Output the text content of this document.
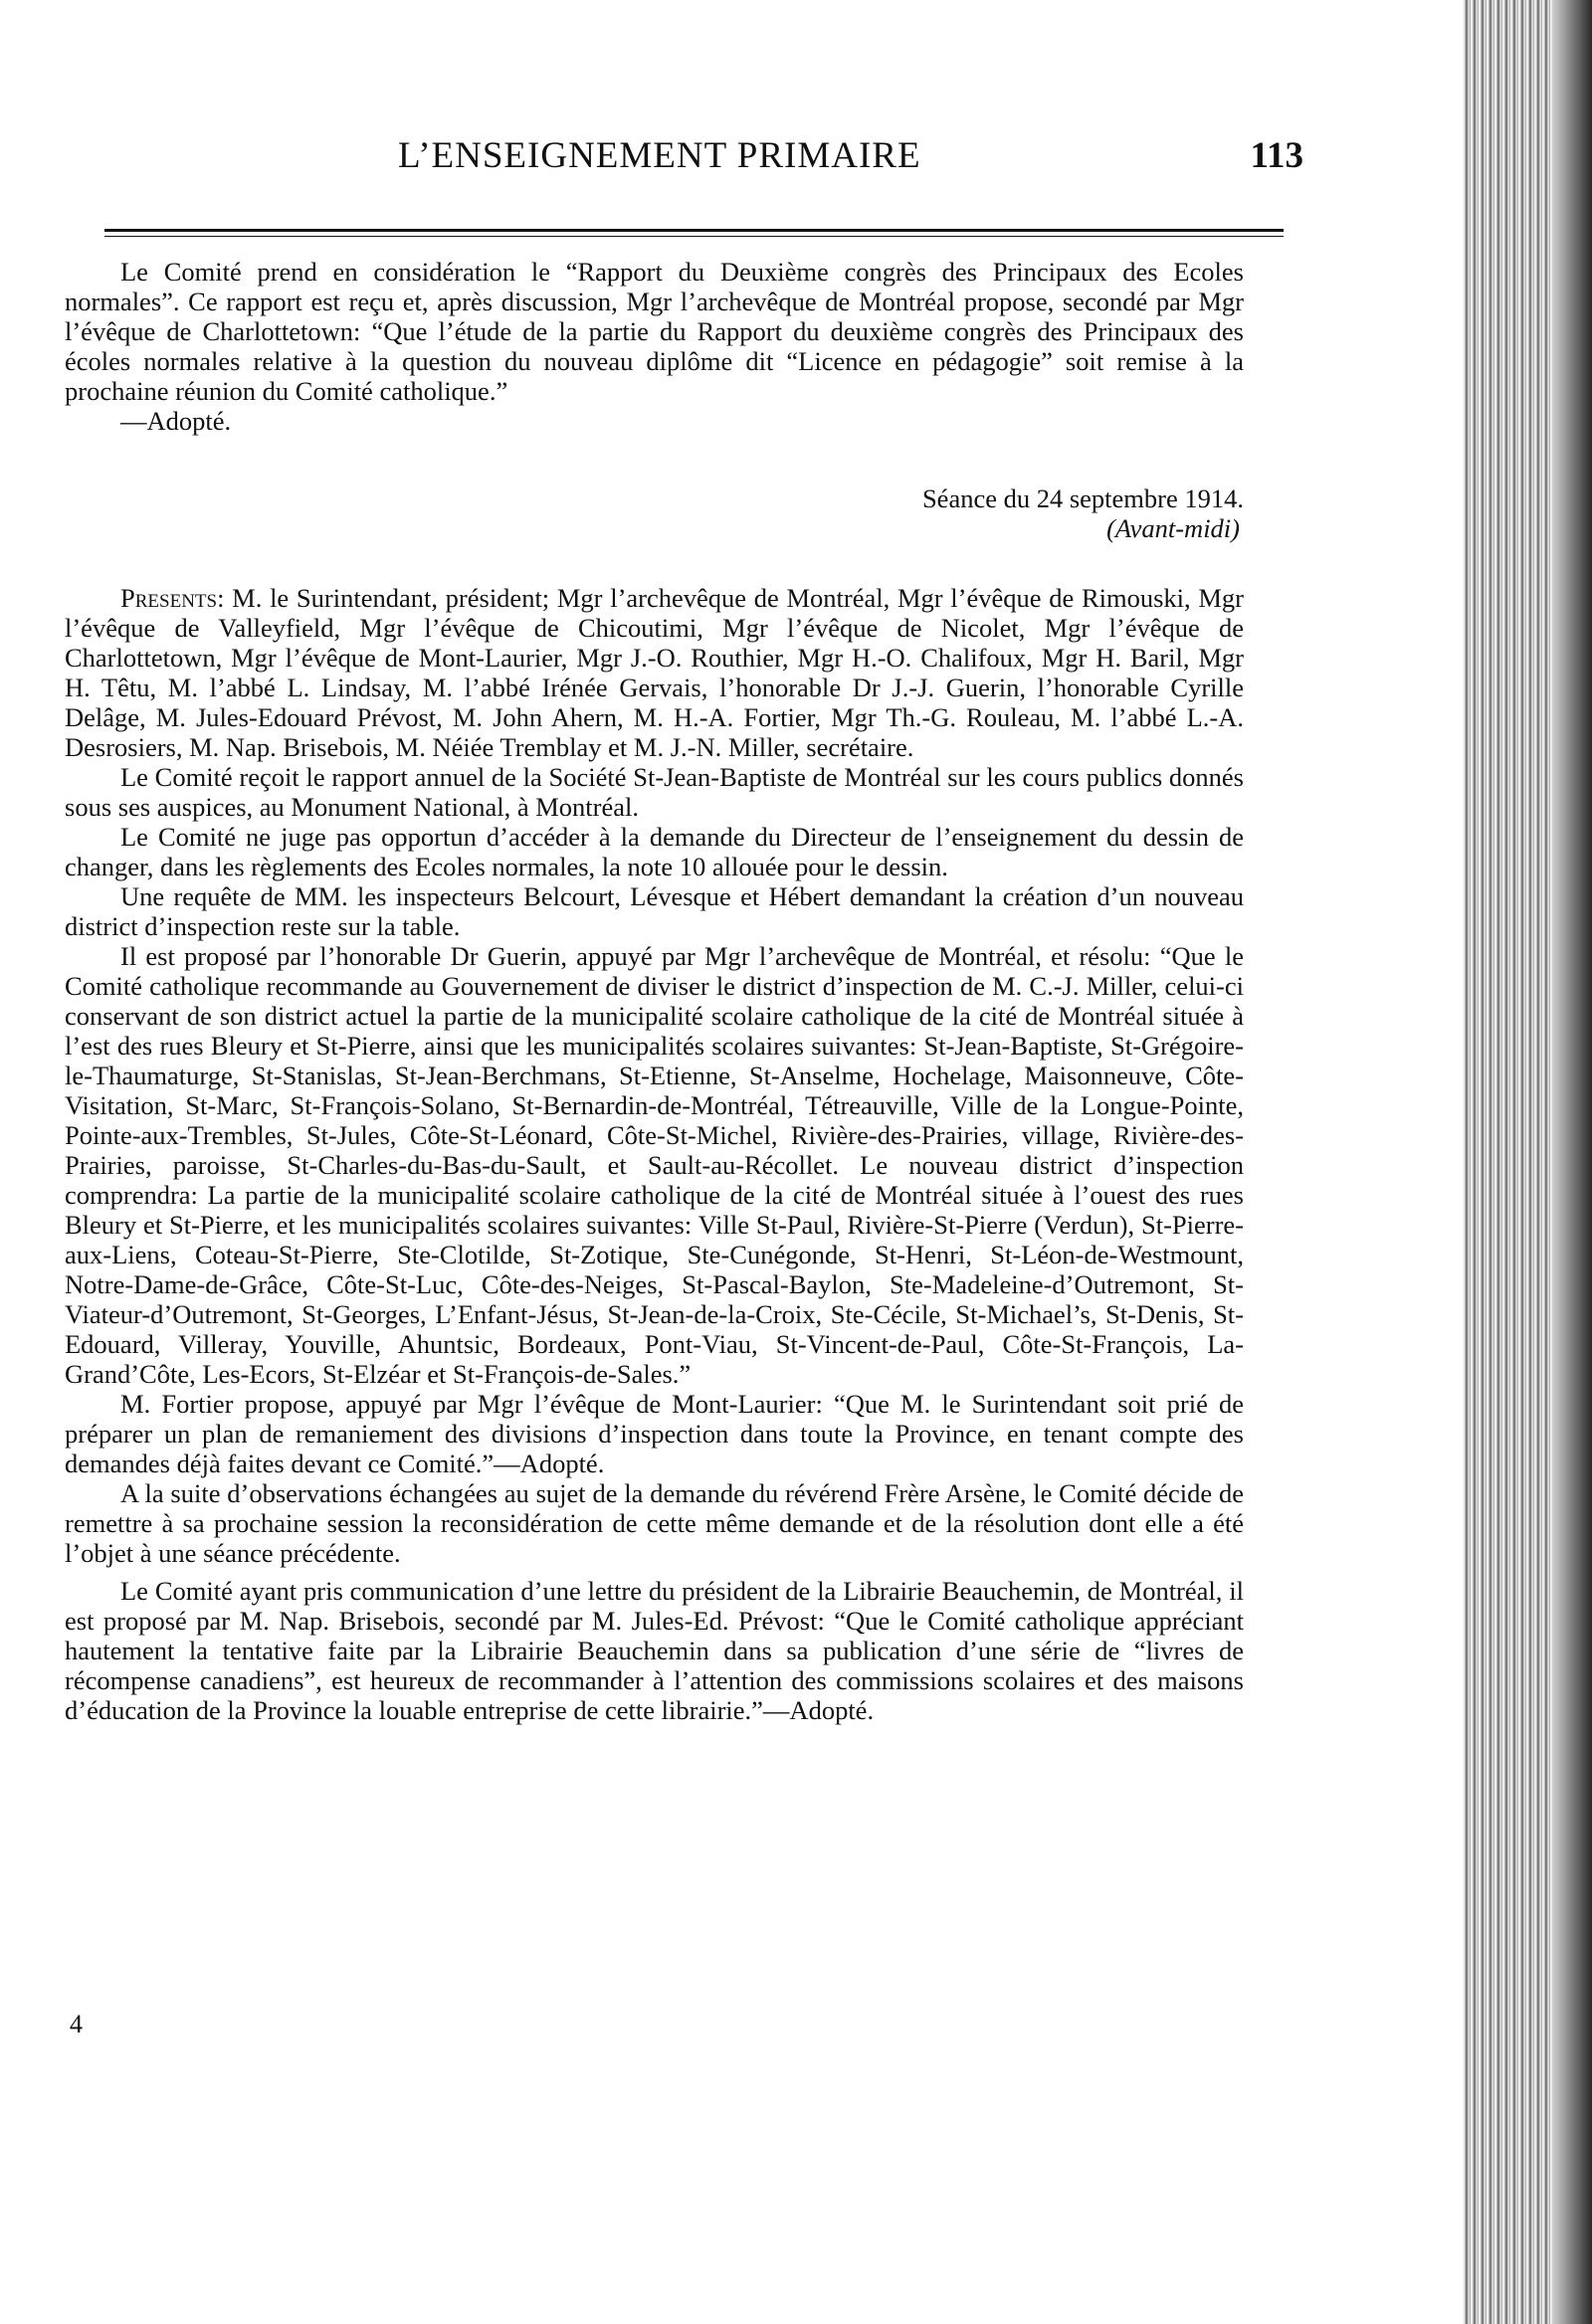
L’ENSEIGNEMENT PRIMAIRE	113

Le Comité prend en considération le “Rapport du Deuxième congrès des Principaux des Ecoles normales”. Ce rapport est reçu et, après discussion, Mgr l’archevêque de Montréal propose, secondé par Mgr l’évêque de Charlottetown: “Que l’étude de la partie du Rapport du deuxième congrès des Principaux des écoles normales relative à la question du nouveau diplôme dit “Licence en pédagogie” soit remise à la prochaine réunion du Comité catholique.”

—Adopté.

Séance du 24 septembre 1914.
(Avant-midi)

Presents: M. le Surintendant, président; Mgr l’archevêque de Montréal, Mgr l’évêque de Rimouski, Mgr l’évêque de Valleyfield, Mgr l’évêque de Chicoutimi, Mgr l’évêque de Nicolet, Mgr l’évêque de Charlottetown, Mgr l’évêque de Mont-Laurier, Mgr J.-O. Routhier, Mgr H.-O. Chalifoux, Mgr H. Baril, Mgr H. Têtu, M. l’abbé L. Lindsay, M. l’abbé Irénée Gervais, l’honorable Dr J.-J. Guerin, l’honorable Cyrille Delâge, M. Jules-Edouard Prévost, M. John Ahern, M. H.-A. Fortier, Mgr Th.-G. Rouleau, M. l’abbé L.-A. Desrosiers, M. Nap. Brisebois, M. Néiée Tremblay et M. J.-N. Miller, secrétaire.

Le Comité reçoit le rapport annuel de la Société St-Jean-Baptiste de Montréal sur les cours publics donnés sous ses auspices, au Monument National, à Montréal.

Le Comité ne juge pas opportun d’accéder à la demande du Directeur de l’enseignement du dessin de changer, dans les règlements des Ecoles normales, la note 10 allouée pour le dessin.

Une requête de MM. les inspecteurs Belcourt, Lévesque et Hébert demandant la création d’un nouveau district d’inspection reste sur la table.

Il est proposé par l’honorable Dr Guerin, appuyé par Mgr l’archevêque de Montréal, et résolu: “Que le Comité catholique recommande au Gouvernement de diviser le district d’inspection de M. C.-J. Miller, celui-ci conservant de son district actuel la partie de la municipalité scolaire catholique de la cité de Montréal située à l’est des rues Bleury et St-Pierre, ainsi que les municipalités scolaires suivantes: St-Jean-Baptiste, St-Grégoire-le-Thaumaturge, St-Stanislas, St-Jean-Berchmans, St-Etienne, St-Anselme, Hochelage, Maisonneuve, Côte-Visitation, St-Marc, St-François-Solano, St-Bernardin-de-Montréal, Tétreauville, Ville de la Longue-Pointe, Pointe-aux-Trembles, St-Jules, Côte-St-Léonard, Côte-St-Michel, Rivière-des-Prairies, village, Rivière-des-Prairies, paroisse, St-Charles-du-Bas-du-Sault, et Sault-au-Récollet. Le nouveau district d’inspection comprendra: La partie de la municipalité scolaire catholique de la cité de Montréal située à l’ouest des rues Bleury et St-Pierre, et les municipalités scolaires suivantes: Ville St-Paul, Rivière-St-Pierre (Verdun), St-Pierre-aux-Liens, Coteau-St-Pierre, Ste-Clotilde, St-Zotique, Ste-Cunégonde, St-Henri, St-Léon-de-Westmount, Notre-Dame-de-Grâce, Côte-St-Luc, Côte-des-Neiges, St-Pascal-Baylon, Ste-Madeleine-d’Outremont, St-Viateur-d’Outremont, St-Georges, L’Enfant-Jésus, St-Jean-de-la-Croix, Ste-Cécile, St-Michael’s, St-Denis, St-Edouard, Villeray, Youville, Ahuntsic, Bordeaux, Pont-Viau, St-Vincent-de-Paul, Côte-St-François, La-Grand’Côte, Les-Ecors, St-Elzéar et St-François-de-Sales.”

M. Fortier propose, appuyé par Mgr l’évêque de Mont-Laurier: “Que M. le Surintendant soit prié de préparer un plan de remaniement des divisions d’inspection dans toute la Province, en tenant compte des demandes déjà faites devant ce Comité.”—Adopté.

A la suite d’observations échangées au sujet de la demande du révérend Frère Arsène, le Comité décide de remettre à sa prochaine session la reconsidération de cette même demande et de la résolution dont elle a été l’objet à une séance précédente.

Le Comité ayant pris communication d’une lettre du président de la Librairie Beauchemin, de Montréal, il est proposé par M. Nap. Brisebois, secondé par M. Jules-Ed. Prévost: “Que le Comité catholique appréciant hautement la tentative faite par la Librairie Beauchemin dans sa publication d’une série de “livres de récompense canadiens”, est heureux de recommander à l’attention des commissions scolaires et des maisons d’éducation de la Province la louable entreprise de cette librairie.”—Adopté.

4
